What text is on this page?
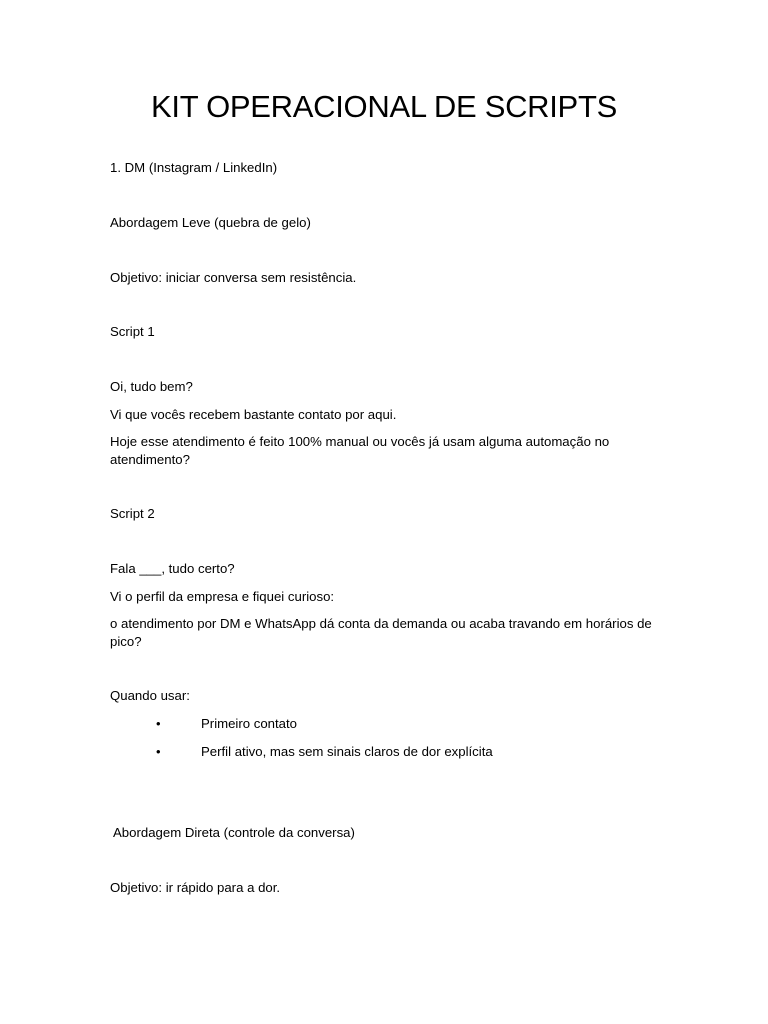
KIT OPERACIONAL DE SCRIPTS
1. DM (Instagram / LinkedIn)
Abordagem Leve (quebra de gelo)
Objetivo: iniciar conversa sem resistência.
Script 1
Oi, tudo bem?
Vi que vocês recebem bastante contato por aqui.
Hoje esse atendimento é feito 100% manual ou vocês já usam alguma automação no
atendimento?
Script 2
Fala ___, tudo certo?
Vi o perfil da empresa e fiquei curioso:
o atendimento por DM e WhatsApp dá conta da demanda ou acaba travando em horários de
pico?
Quando usar:
•	Primeiro contato
•	Perfil ativo, mas sem sinais claros de dor explícita
Abordagem Direta (controle da conversa)
Objetivo: ir rápido para a dor.
